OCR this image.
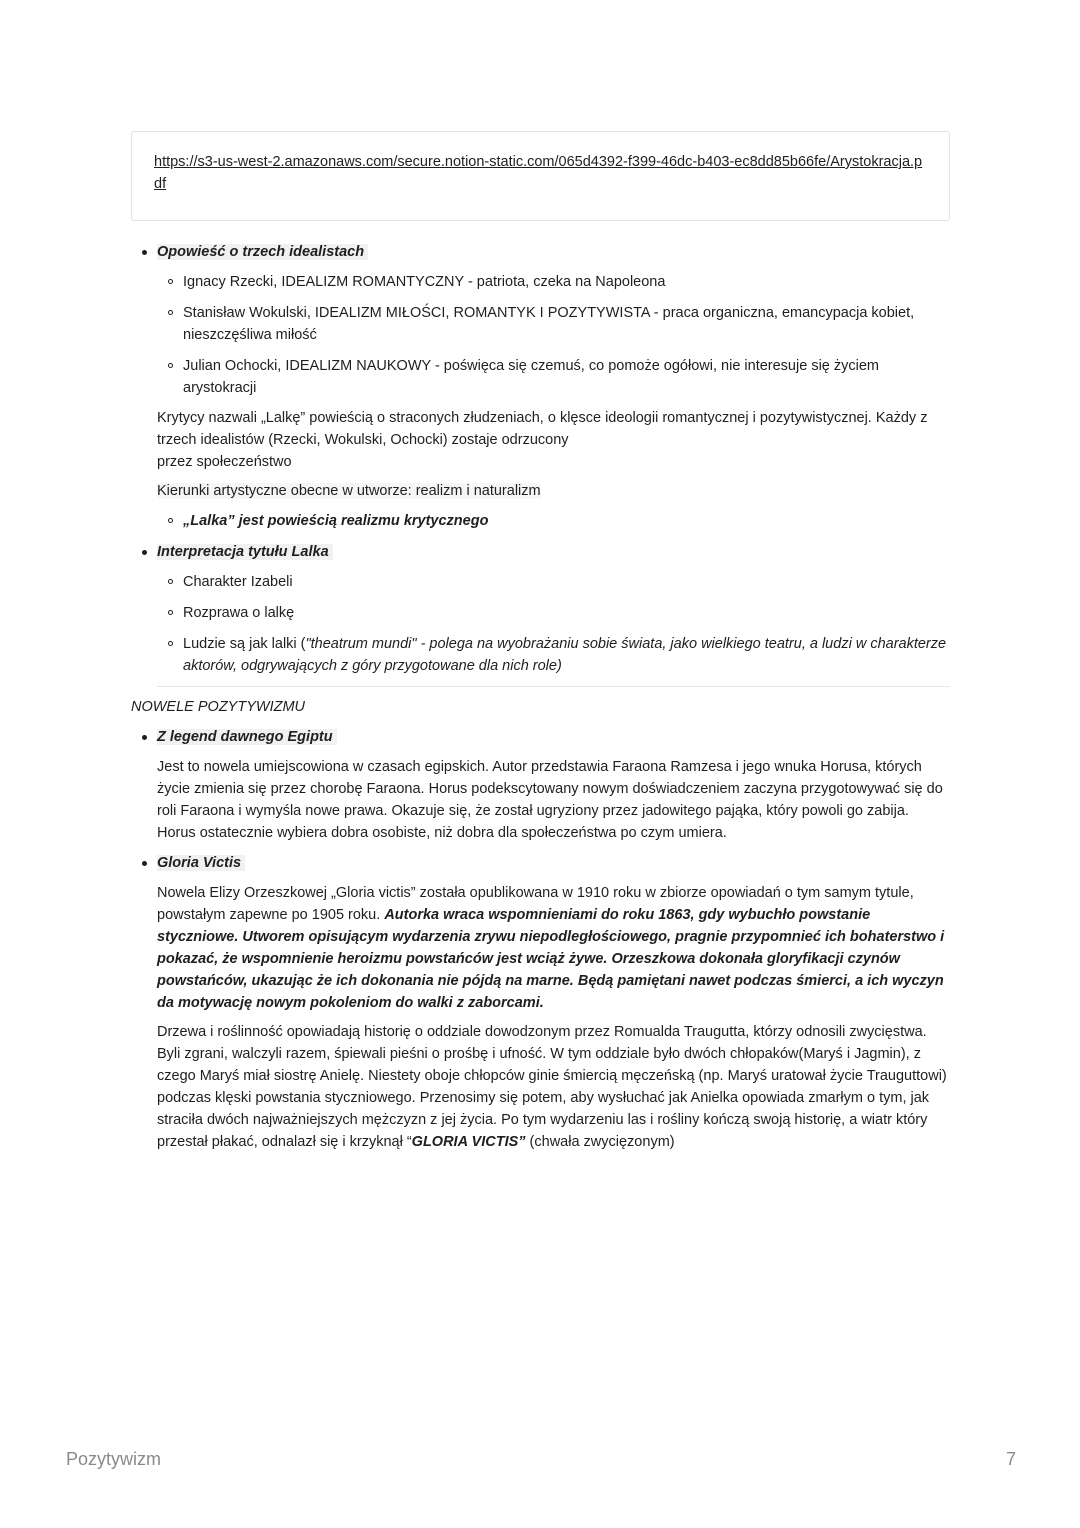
https://s3-us-west-2.amazonaws.com/secure.notion-static.com/065d4392-f399-46dc-b403-ec8dd85b66fe/Arystokracja.pdf
Opowieść o trzech idealistach
Ignacy Rzecki, IDEALIZM ROMANTYCZNY - patriota, czeka na Napoleona
Stanisław Wokulski, IDEALIZM MIŁOŚCI, ROMANTYK I POZYTYWISTA - praca organiczna, emancypacja kobiet, nieszczęśliwa miłość
Julian Ochocki, IDEALIZM NAUKOWY - poświęca się czemuś, co pomoże ogółowi, nie interesuje się życiem arystokracji
Krytycy nazwali „Lalkę” powieścią o straconych złudzeniach, o klęsce ideologii romantycznej i pozytywistycznej. Każdy z trzech idealistów (Rzecki, Wokulski, Ochocki) zostaje odrzucony
przez społeczeństwo
Kierunki artystyczne obecne w utworze: realizm i naturalizm
„Lalka” jest powieścią realizmu krytycznego
Interpretacja tytułu Lalka
Charakter Izabeli
Rozprawa o lalkę
Ludzie są jak lalki ("theatrum mundi" - polega na wyobrażaniu sobie świata, jako wielkiego teatru, a ludzi w charakterze aktorów, odgrywających z góry przygotowane dla nich role)
NOWELE POZYTYWIZMU
Z legend dawnego Egiptu
Jest to nowela umiejscowiona w czasach egipskich. Autor przedstawia Faraona Ramzesa i jego wnuka Horusa, których życie zmienia się przez chorobę Faraona. Horus podekscytowany nowym doświadczeniem zaczyna przygotowywać się do roli Faraona i wymyśla nowe prawa. Okazuje się, że został ugryziony przez jadowitego pająka, który powoli go zabija. Horus ostatecznie wybiera dobra osobiste, niż dobra dla społeczeństwa po czym umiera.
Gloria Victis
Nowela Elizy Orzeszkowej „Gloria victis” została opublikowana w 1910 roku w zbiorze opowiadań o tym samym tytule, powstałym zapewne po 1905 roku. Autorka wraca wspomnieniami do roku 1863, gdy wybuchło powstanie styczniowe. Utworem opisującym wydarzenia zrywu niepodległościowego, pragnie przypomnieć ich bohaterstwo i pokazać, że wspomnienie heroizmu powstańców jest wciąż żywe. Orzeszkowa dokonała gloryfikacji czynów powstańców, ukazując że ich dokonania nie pójdą na marne. Będą pamiętani nawet podczas śmierci, a ich wyczyn da motywację nowym pokoleniom do walki z zaborcami.
Drzewa i roślinność opowiadają historię o oddziale dowodzonym przez Romualda Traugutta, którzy odnosili zwycięstwa. Byli zgrani, walczyli razem, śpiewali pieśni o prośbę i ufność. W tym oddziale było dwóch chłopaków(Maryś i Jagmin), z czego Maryś miał siostrę Anielę. Niestety oboje chłopców ginie śmiercią męczeńską (np. Maryś uratował życie Trauguttowi) podczas klęski powstania styczniowego. Przenosimy się potem, aby wysłuchać jak Anielka opowiada zmarłym o tym, jak straciła dwóch najważniejszych mężczyzn z jej życia. Po tym wydarzeniu las i rośliny kończą swoją historię, a wiatr który przestał płakać, odnalazł się i krzyknął “GLORIA VICTIS” (chwała zwycięzonym)
Pozytywizm	7
